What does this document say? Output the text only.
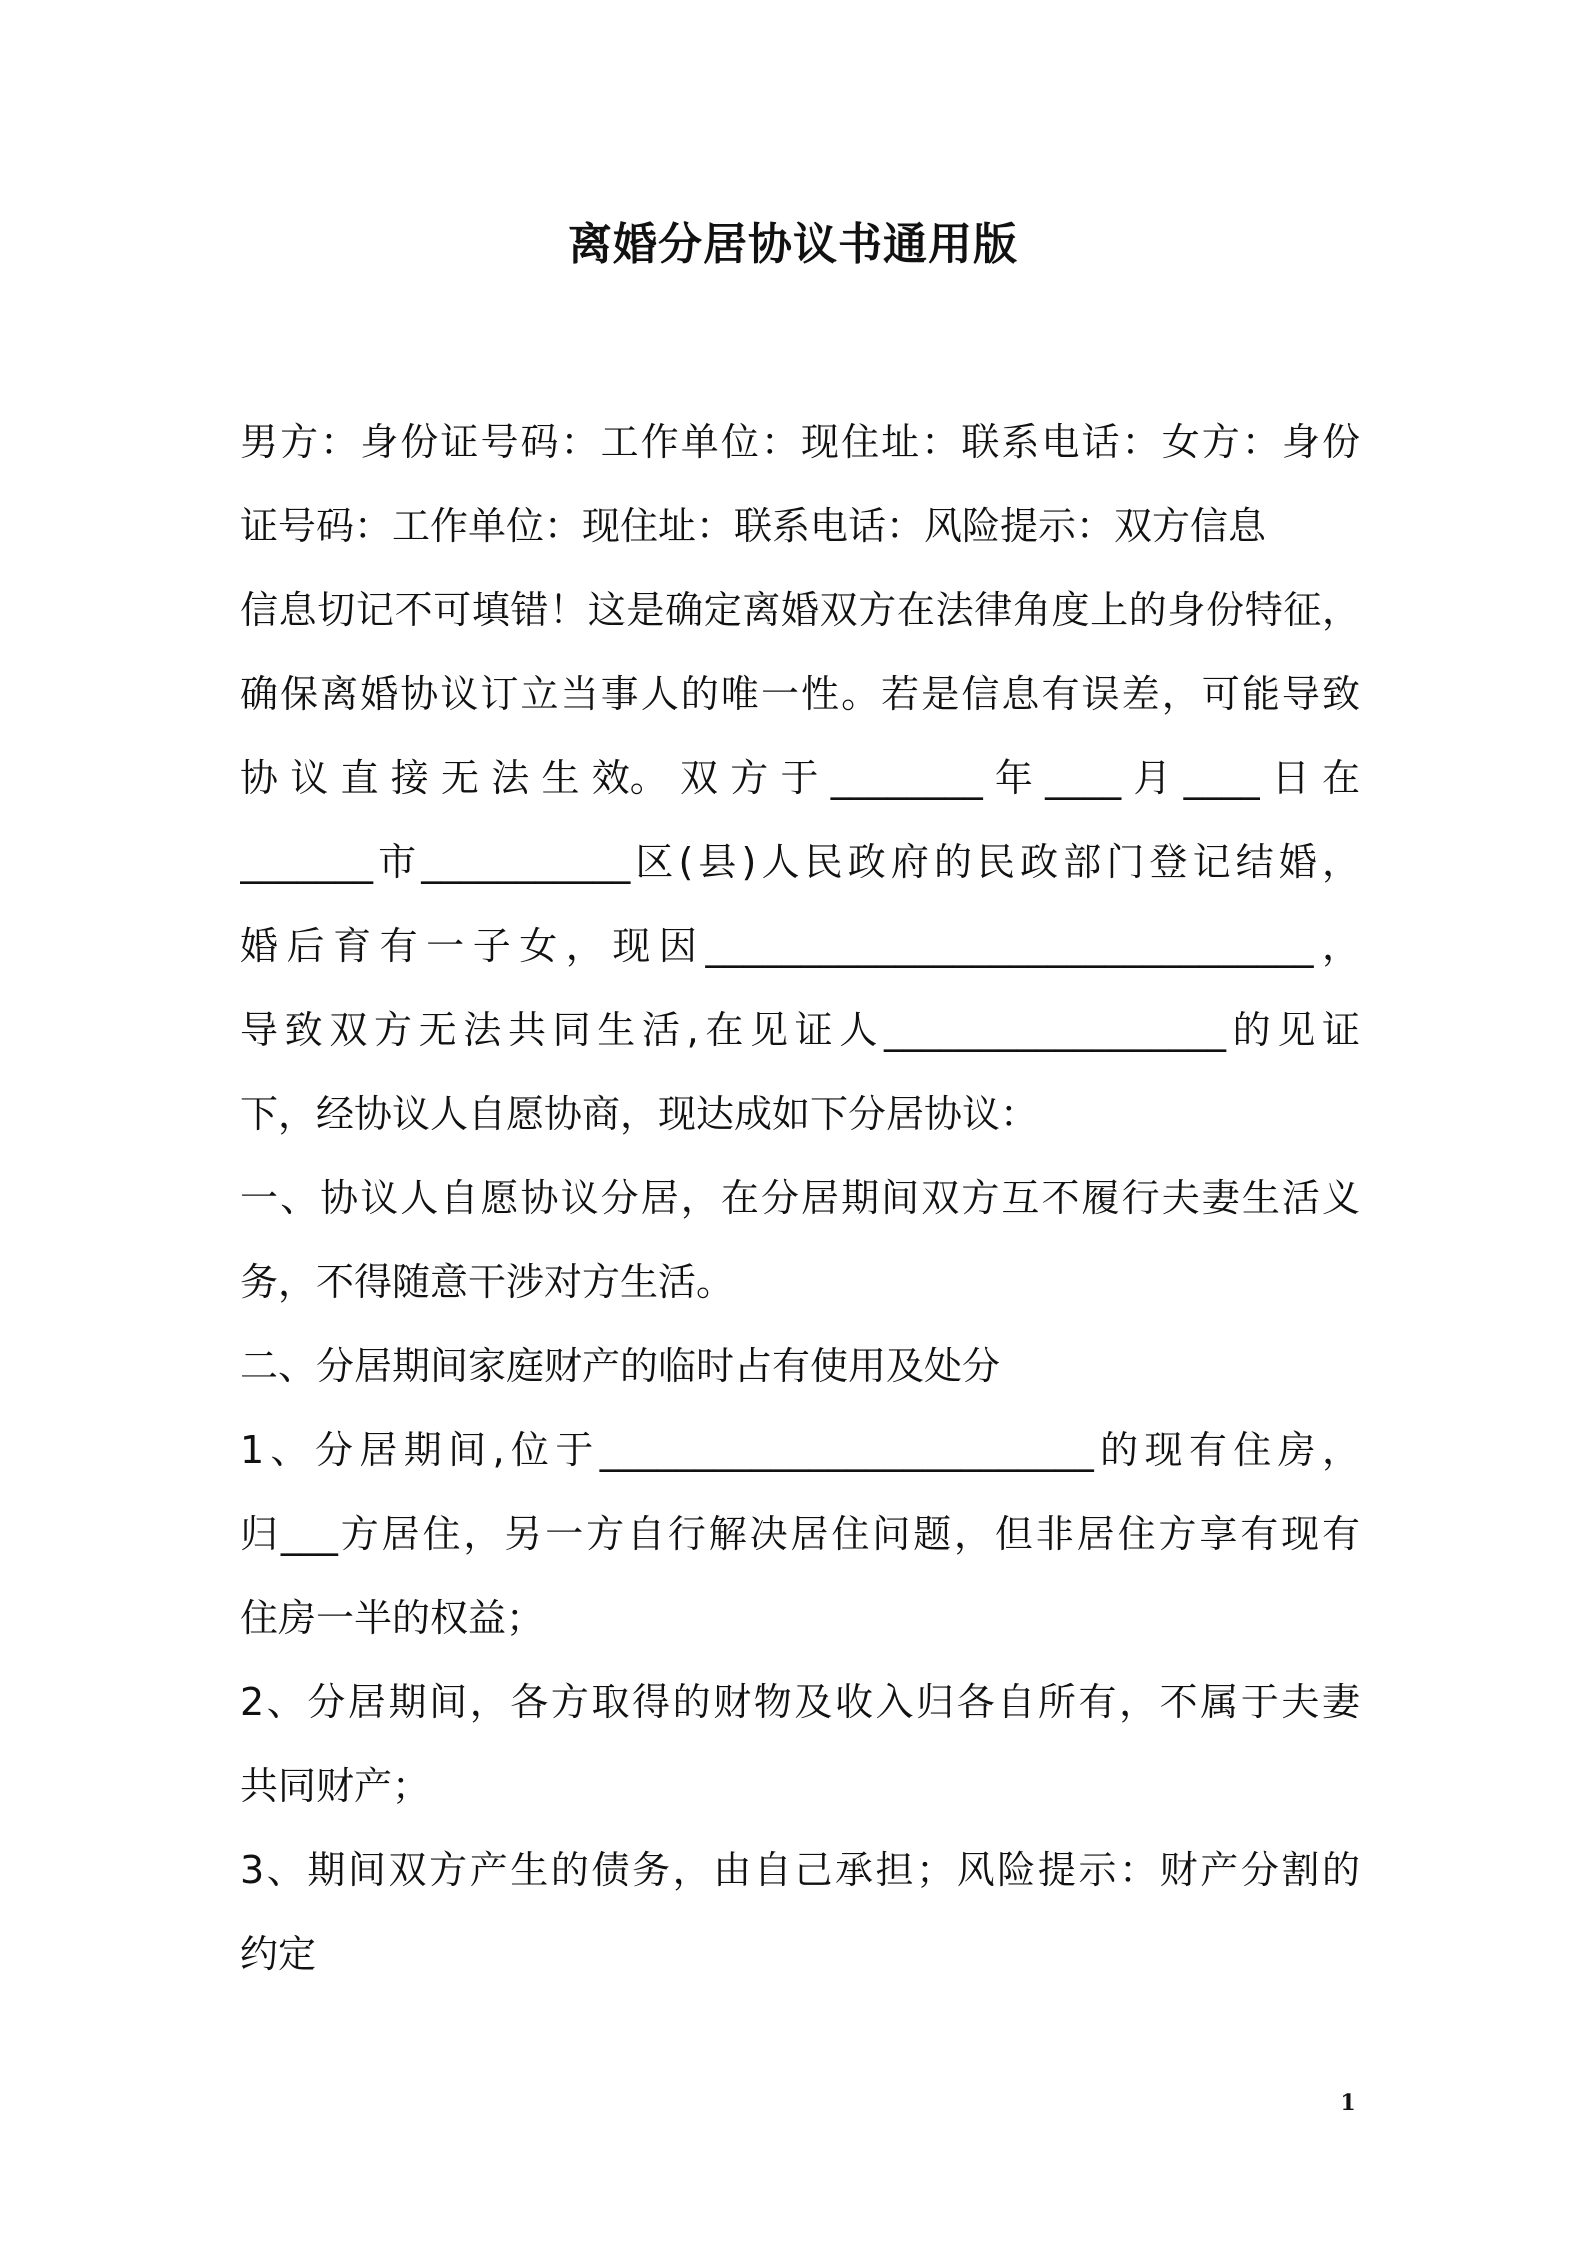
离婚分居协议书通用版
男方：身份证号码：工作单位：现住址：联系电话：女方：身份
证号码：工作单位：现住址：联系电话：风险提示：双方信息
信息切记不可填错！这是确定离婚双方在法律角度上的身份特征，
确保离婚协议订立当事人的唯一性。若是信息有误差，可能导致
协 议 直 接 无 法 生 效。 双 方 于 ________ 年 ____ 月 ____ 日 在
_______市___________区(县)人民政府的民政部门登记结婚，
婚后育有一子女，现因________________________________，
导致双方无法共同生活,在见证人__________________的见证
下，经协议人自愿协商，现达成如下分居协议：
一、协议人自愿协议分居，在分居期间双方互不履行夫妻生活义
务，不得随意干涉对方生活。
二、分居期间家庭财产的临时占有使用及处分
1、分居期间,位于__________________________的现有住房，
归___方居住，另一方自行解决居住问题，但非居住方享有现有
住房一半的权益；
2、分居期间，各方取得的财物及收入归各自所有，不属于夫妻
共同财产；
3、期间双方产生的债务，由自己承担；风险提示：财产分割的
约定
1
